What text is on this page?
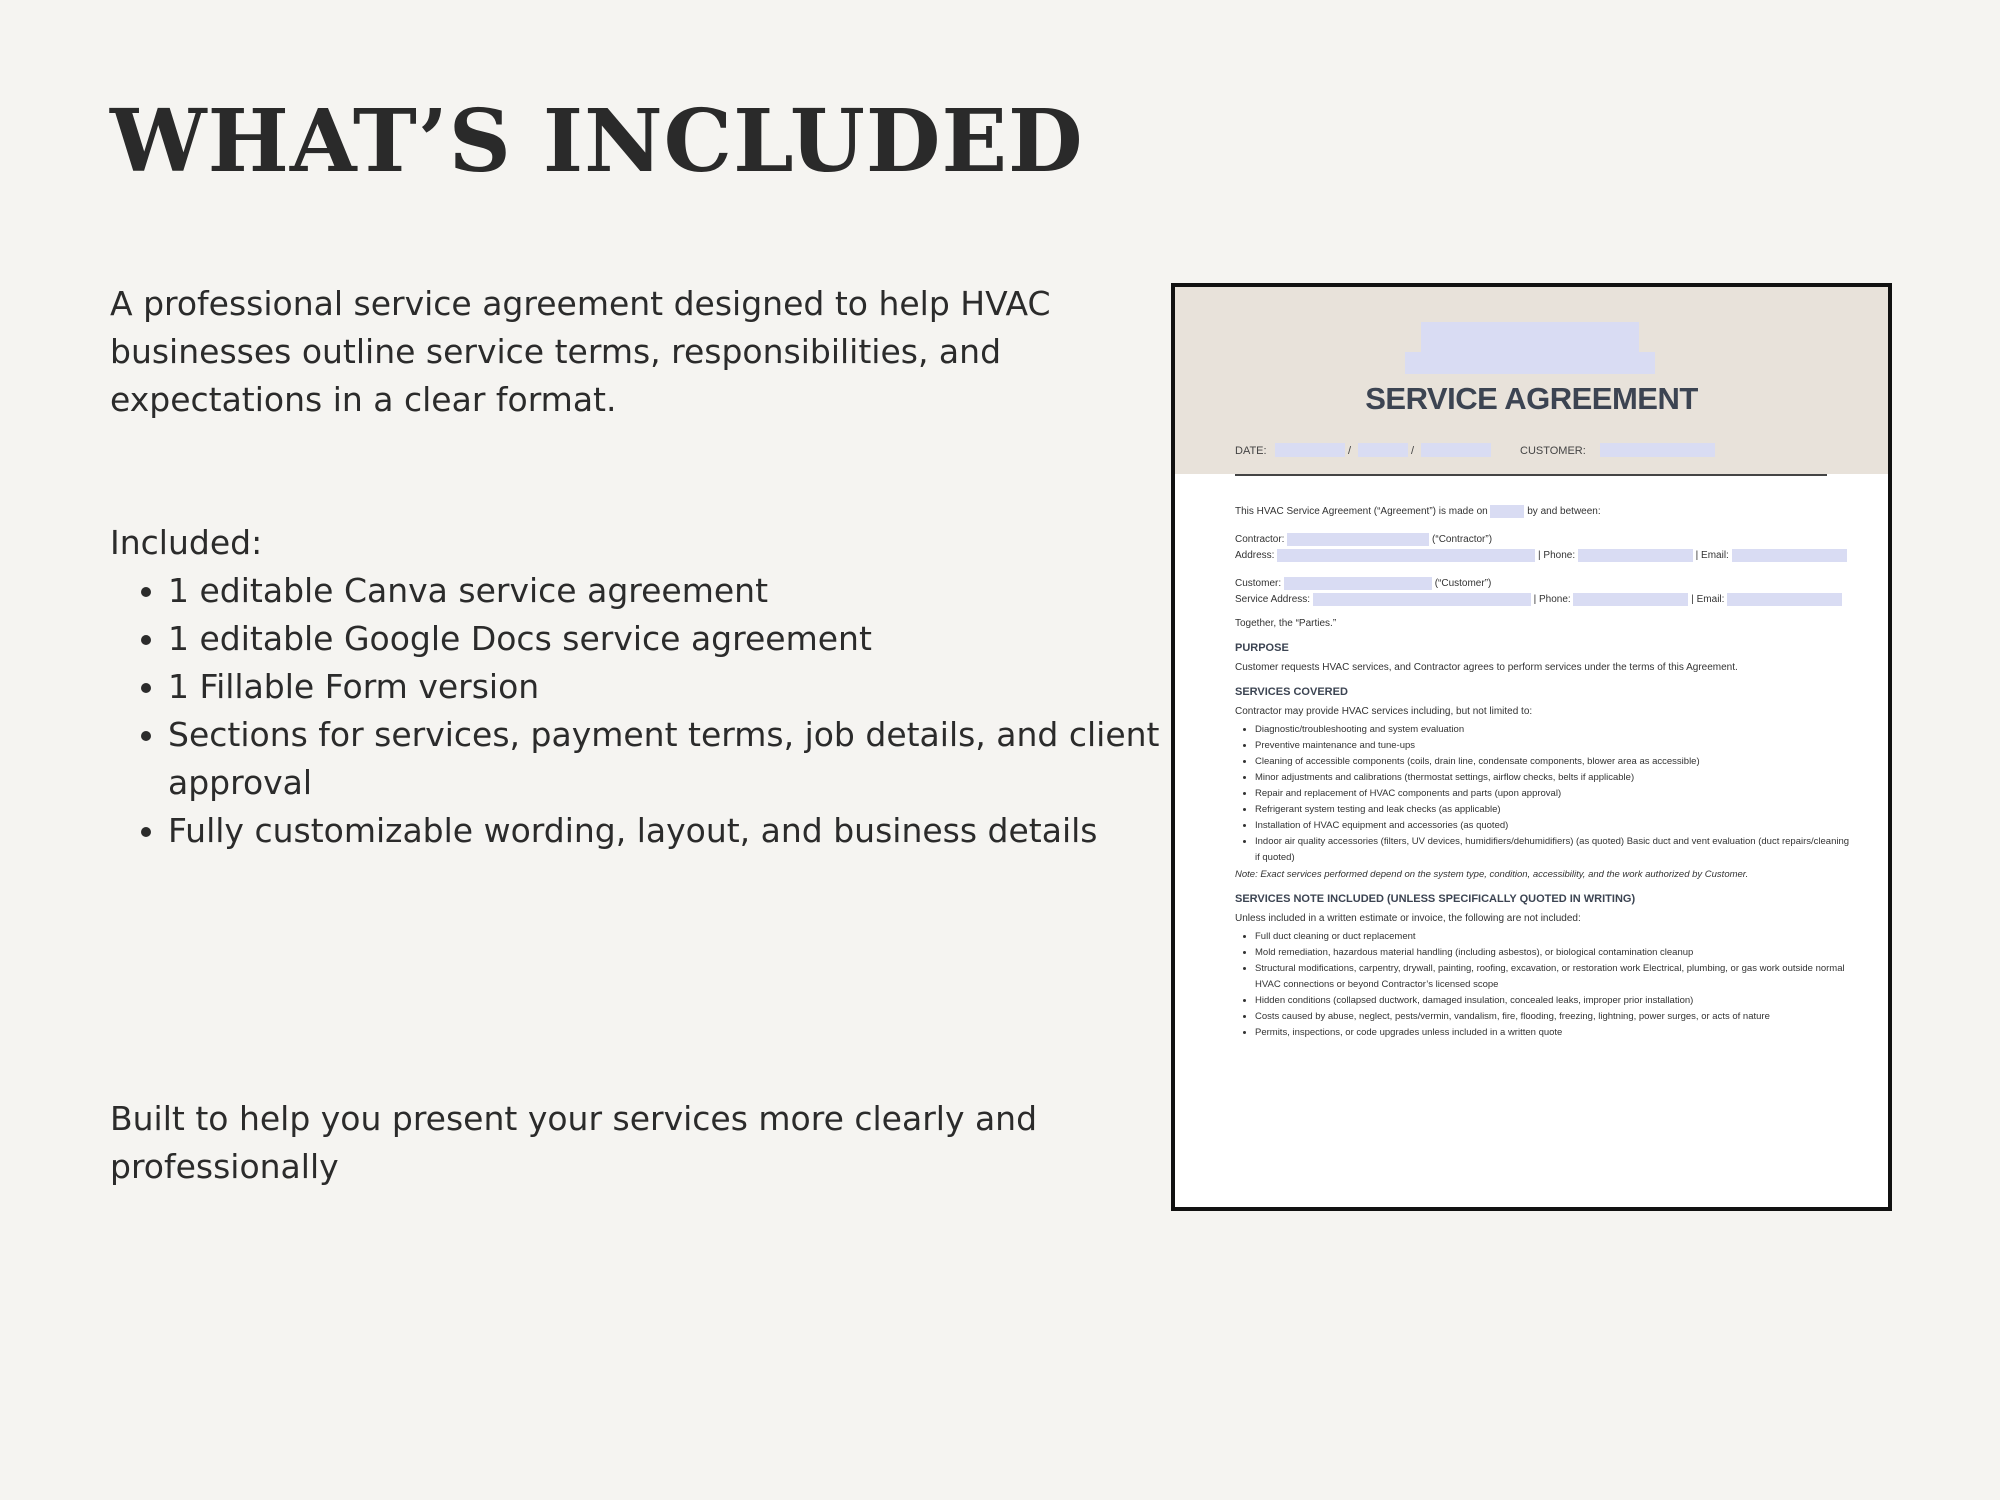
WHAT’S INCLUDED

A professional service agreement designed to help HVAC businesses outline service terms, responsibilities, and expectations in a clear format.

Included:

• 1 editable Canva service agreement
• 1 editable Google Docs service agreement
• 1 Fillable Form version
• Sections for services, payment terms, job details, and client approval
• Fully customizable wording, layout, and business details

Built to help you present your services more clearly and professionally

SERVICE AGREEMENT
DATE:	/	/	CUSTOMER:
This HVAC Service Agreement (“Agreement”) is made on	by and between:
Contractor:	(“Contractor”)
Address:	| Phone:	| Email:
Customer:	(“Customer”)
Service Address:	| Phone:	| Email:

Together, the “Parties.”

PURPOSE

Customer requests HVAC services, and Contractor agrees to perform services under the terms of this Agreement.

SERVICES COVERED

Contractor may provide HVAC services including, but not limited to:

• Diagnostic/troubleshooting and system evaluation
• Preventive maintenance and tune-ups
• Cleaning of accessible components (coils, drain line, condensate components, blower area as accessible)
• Minor adjustments and calibrations (thermostat settings, airflow checks, belts if applicable)
• Repair and replacement of HVAC components and parts (upon approval)
• Refrigerant system testing and leak checks (as applicable)
• Installation of HVAC equipment and accessories (as quoted)
• Indoor air quality accessories (filters, UV devices, humidifiers/dehumidifiers) (as quoted) Basic duct and vent evaluation (duct repairs/cleaning if quoted)

Note: Exact services performed depend on the system type, condition, accessibility, and the work authorized by Customer.

SERVICES NOTE INCLUDED (UNLESS SPECIFICALLY QUOTED IN WRITING)

Unless included in a written estimate or invoice, the following are not included:

• Full duct cleaning or duct replacement
• Mold remediation, hazardous material handling (including asbestos), or biological contamination cleanup
• Structural modifications, carpentry, drywall, painting, roofing, excavation, or restoration work Electrical, plumbing, or gas work outside normal HVAC connections or beyond Contractor’s licensed scope
• Hidden conditions (collapsed ductwork, damaged insulation, concealed leaks, improper prior installation)
• Costs caused by abuse, neglect, pests/vermin, vandalism, fire, flooding, freezing, lightning, power surges, or acts of nature
• Permits, inspections, or code upgrades unless included in a written quote
